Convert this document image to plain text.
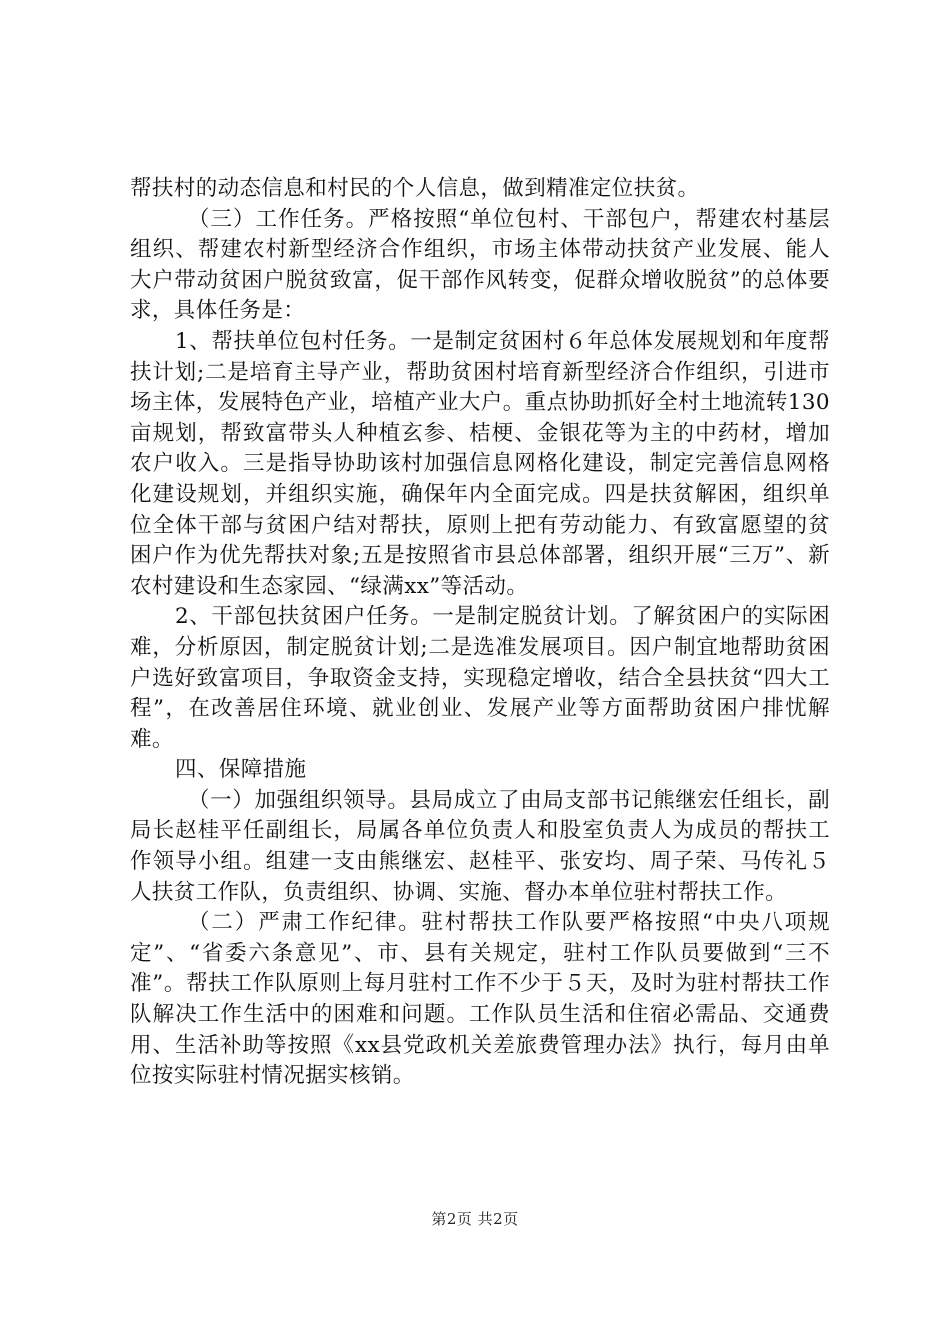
帮扶村的动态信息和村民的个人信息，做到精准定位扶贫。

（三）工作任务。严格按照“单位包村、干部包户，帮建农村基层组织、帮建农村新型经济合作组织，市场主体带动扶贫产业发展、能人大户带动贫困户脱贫致富，促干部作风转变，促群众增收脱贫”的总体要求，具体任务是：

1、帮扶单位包村任务。一是制定贫困村６年总体发展规划和年度帮扶计划;二是培育主导产业，帮助贫困村培育新型经济合作组织，引进市场主体，发展特色产业，培植产业大户。重点协助抓好全村土地流转130亩规划，帮致富带头人种植玄参、桔梗、金银花等为主的中药材，增加农户收入。三是指导协助该村加强信息网格化建设，制定完善信息网格化建设规划，并组织实施，确保年内全面完成。四是扶贫解困，组织单位全体干部与贫困户结对帮扶，原则上把有劳动能力、有致富愿望的贫困户作为优先帮扶对象;五是按照省市县总体部署，组织开展“三万”、新农村建设和生态家园、“绿满xx”等活动。

2、干部包扶贫困户任务。一是制定脱贫计划。了解贫困户的实际困难，分析原因，制定脱贫计划;二是选准发展项目。因户制宜地帮助贫困户选好致富项目，争取资金支持，实现稳定增收，结合全县扶贫“四大工程”，在改善居住环境、就业创业、发展产业等方面帮助贫困户排忧解难。

四、保障措施

（一）加强组织领导。县局成立了由局支部书记熊继宏任组长，副局长赵桂平任副组长，局属各单位负责人和股室负责人为成员的帮扶工作领导小组。组建一支由熊继宏、赵桂平、张安均、周子荣、马传礼５人扶贫工作队，负责组织、协调、实施、督办本单位驻村帮扶工作。

（二）严肃工作纪律。驻村帮扶工作队要严格按照“中央八项规定”、“省委六条意见”、市、县有关规定，驻村工作队员要做到“三不准”。帮扶工作队原则上每月驻村工作不少于５天，及时为驻村帮扶工作队解决工作生活中的困难和问题。工作队员生活和住宿必需品、交通费用、生活补助等按照《xx县党政机关差旅费管理办法》执行，每月由单位按实际驻村情况据实核销。

第2页 共2页
